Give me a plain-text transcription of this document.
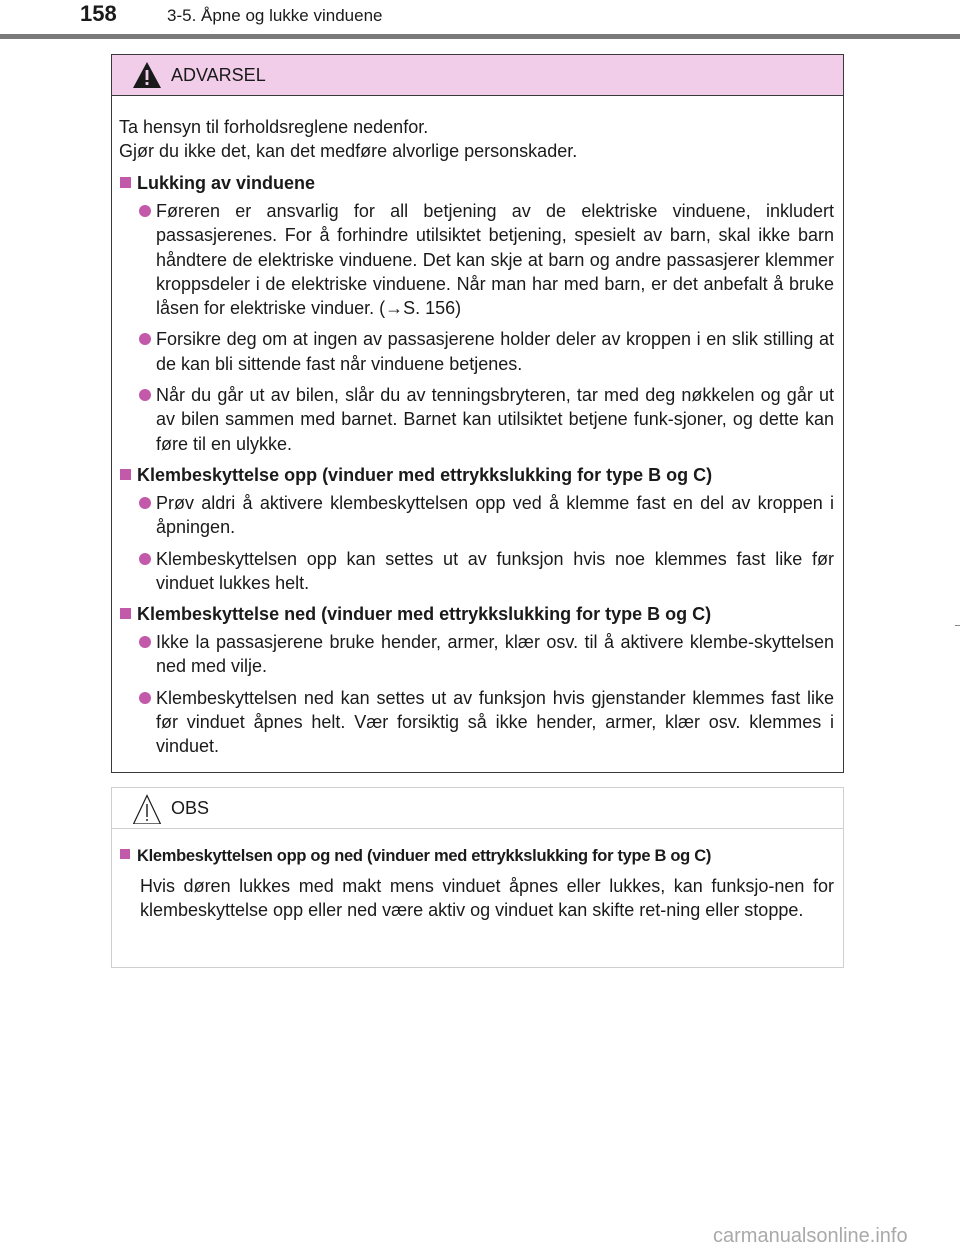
158	3-5. Åpne og lukke vinduene
ADVARSEL
Ta hensyn til forholdsreglene nedenfor.
Gjør du ikke det, kan det medføre alvorlige personskader.
Lukking av vinduene
Føreren er ansvarlig for all betjening av de elektriske vinduene, inkludert passasjerenes. For å forhindre utilsiktet betjening, spesielt av barn, skal ikke barn håndtere de elektriske vinduene. Det kan skje at barn og andre passasjerer klemmer kroppsdeler i de elektriske vinduene. Når man har med barn, er det anbefalt å bruke låsen for elektriske vinduer. (→S. 156)
Forsikre deg om at ingen av passasjerene holder deler av kroppen i en slik stilling at de kan bli sittende fast når vinduene betjenes.
Når du går ut av bilen, slår du av tenningsbryteren, tar med deg nøkkelen og går ut av bilen sammen med barnet. Barnet kan utilsiktet betjene funk-sjoner, og dette kan føre til en ulykke.
Klembeskyttelse opp (vinduer med ettrykkslukking for type B og C)
Prøv aldri å aktivere klembeskyttelsen opp ved å klemme fast en del av kroppen i åpningen.
Klembeskyttelsen opp kan settes ut av funksjon hvis noe klemmes fast like før vinduet lukkes helt.
Klembeskyttelse ned (vinduer med ettrykkslukking for type B og C)
Ikke la passasjerene bruke hender, armer, klær osv. til å aktivere klembe-skyttelsen ned med vilje.
Klembeskyttelsen ned kan settes ut av funksjon hvis gjenstander klemmes fast like før vinduet åpnes helt. Vær forsiktig så ikke hender, armer, klær osv. klemmes i vinduet.
OBS
Klembeskyttelsen opp og ned (vinduer med ettrykkslukking for type B og C)
Hvis døren lukkes med makt mens vinduet åpnes eller lukkes, kan funksjo-nen for klembeskyttelse opp eller ned være aktiv og vinduet kan skifte ret-ning eller stoppe.
carmanualsonline.info
